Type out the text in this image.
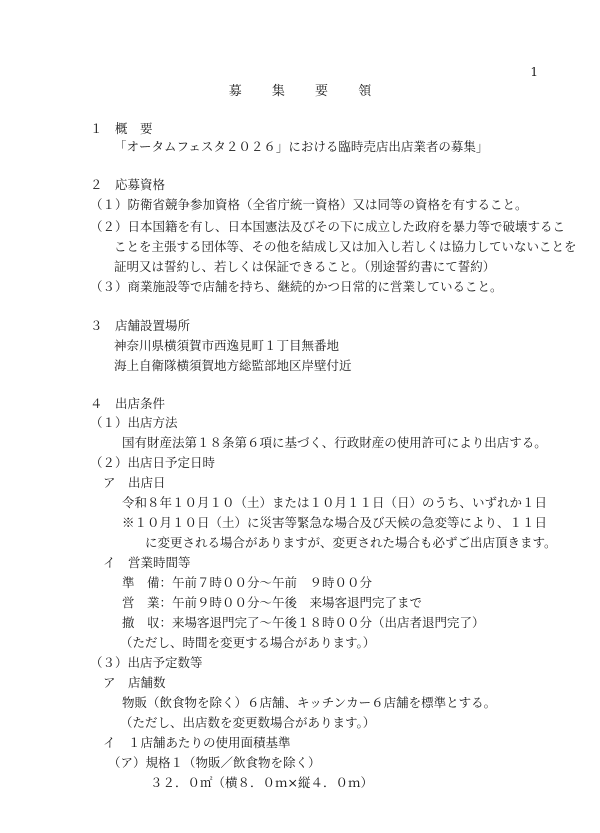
1
募 集 要 領
１　概　要
「オータムフェスタ２０２６」における臨時売店出店業者の募集」
２　応募資格
（１）防衛省競争参加資格（全省庁統一資格）又は同等の資格を有すること。
（２）日本国籍を有し、日本国憲法及びその下に成立した政府を暴力等で破壊するこ
ことを主張する団体等、その他を結成し又は加入し若しくは協力していないことを
証明又は誓約し、若しくは保証できること。（別途誓約書にて誓約）
（３）商業施設等で店舗を持ち、継続的かつ日常的に営業していること。
３　店舗設置場所
神奈川県横須賀市西逸見町１丁目無番地
海上自衛隊横須賀地方総監部地区岸壁付近
４　出店条件
（１）出店方法
国有財産法第１８条第６項に基づく、行政財産の使用許可により出店する。
（２）出店日予定日時
ア　出店日
令和８年１０月１０（土）または１０月１１日（日）のうち、いずれか１日
※１０月１０日（土）に災害等緊急な場合及び天候の急変等により、１１日
に変更される場合がありますが、変更された場合も必ずご出店頂きます。
イ　営業時間等
準　備：午前７時００分～午前　９時００分
営　業：午前９時００分～午後　来場客退門完了まで
撤　収：来場客退門完了～午後１８時００分（出店者退門完了）
（ただし、時間を変更する場合があります。）
（３）出店予定数等
ア　店舗数
物販（飲食物を除く）６店舗、キッチンカー６店舗を標準とする。
（ただし、出店数を変更数場合があります。）
イ　１店舗あたりの使用面積基準
（ア）規格１（物販／飲食物を除く）
３２．０㎡（横８．０ｍ×縦４．０ｍ）
